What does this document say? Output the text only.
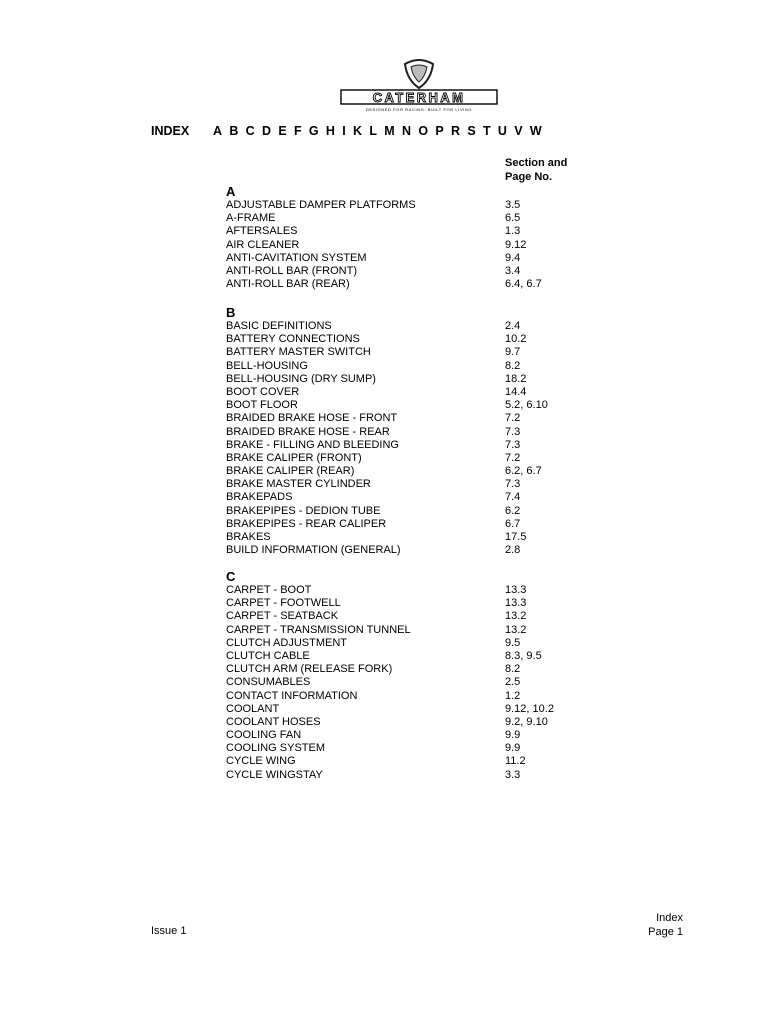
CATERHAM
DESIGNED FOR RACING. BUILT FOR LIVING
INDEX	A B C D E F G H I K L M N O P R S T U V W
Section and
Page No.
A
ADJUSTABLE DAMPER PLATFORMS	3.5
A-FRAME	6.5
AFTERSALES	1.3
AIR CLEANER	9.12
ANTI-CAVITATION SYSTEM	9.4
ANTI-ROLL BAR (FRONT)	3.4
ANTI-ROLL BAR (REAR)	6.4, 6.7
B
BASIC DEFINITIONS	2.4
BATTERY CONNECTIONS	10.2
BATTERY MASTER SWITCH	9.7
BELL-HOUSING	8.2
BELL-HOUSING (DRY SUMP)	18.2
BOOT COVER	14.4
BOOT FLOOR	5.2, 6.10
BRAIDED BRAKE HOSE - FRONT	7.2
BRAIDED BRAKE HOSE - REAR	7.3
BRAKE - FILLING AND BLEEDING	7.3
BRAKE CALIPER (FRONT)	7.2
BRAKE CALIPER (REAR)	6.2, 6.7
BRAKE MASTER CYLINDER	7.3
BRAKEPADS	7.4
BRAKEPIPES - DEDION TUBE	6.2
BRAKEPIPES - REAR CALIPER	6.7
BRAKES	17.5
BUILD INFORMATION (GENERAL)	2.8
C
CARPET - BOOT	13.3
CARPET - FOOTWELL	13.3
CARPET - SEATBACK	13.2
CARPET - TRANSMISSION TUNNEL	13.2
CLUTCH ADJUSTMENT	9.5
CLUTCH CABLE	8.3, 9.5
CLUTCH ARM (RELEASE FORK)	8.2
CONSUMABLES	2.5
CONTACT INFORMATION	1.2
COOLANT	9.12, 10.2
COOLANT HOSES	9.2, 9.10
COOLING FAN	9.9
COOLING SYSTEM	9.9
CYCLE WING	11.2
CYCLE WINGSTAY	3.3
Issue 1
Index
Page 1
